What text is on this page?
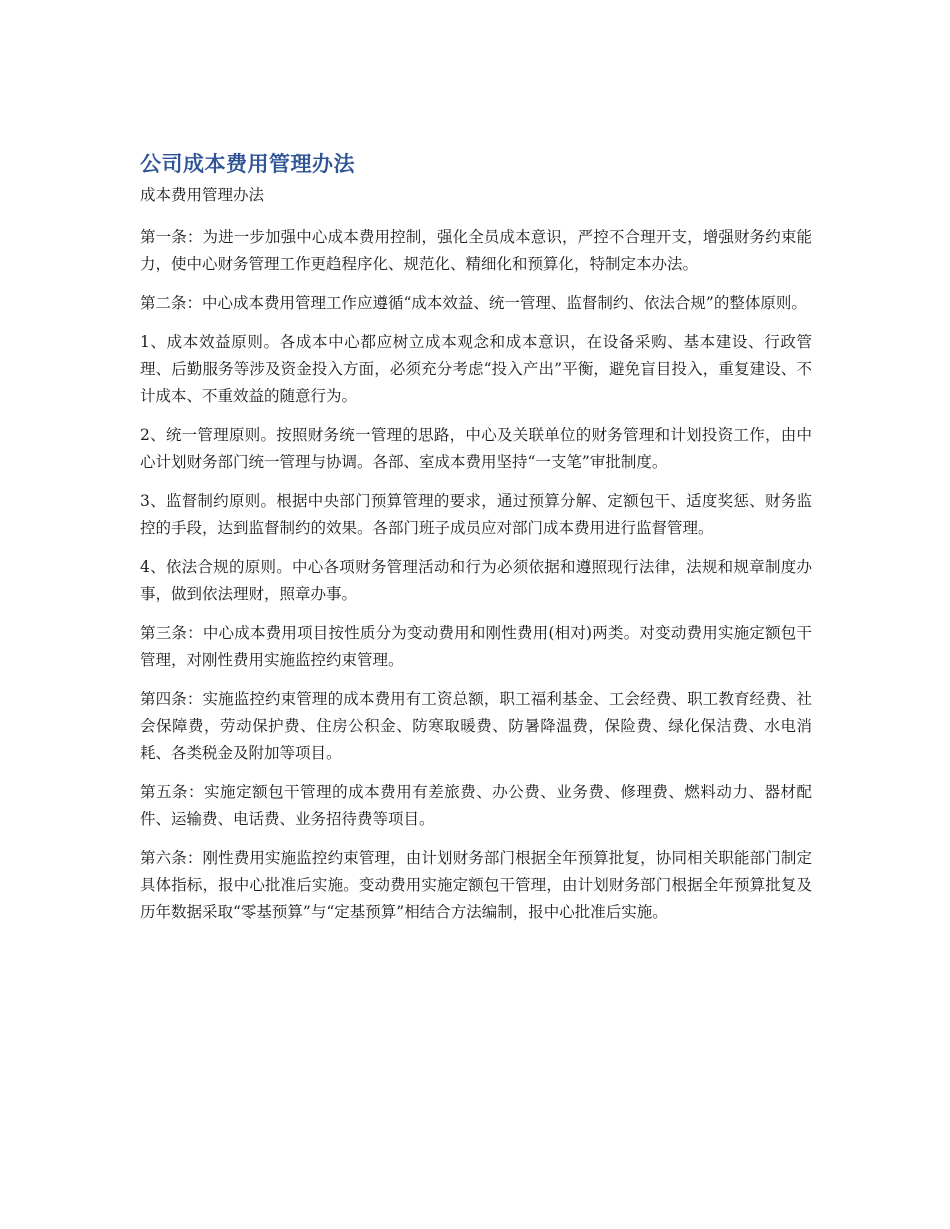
公司成本费用管理办法
成本费用管理办法

第一条：为进一步加强中心成本费用控制，强化全员成本意识，严控不合理开支，增强财务约束能力，使中心财务管理工作更趋程序化、规范化、精细化和预算化，特制定本办法。

第二条：中心成本费用管理工作应遵循“成本效益、统一管理、监督制约、依法合规”的整体原则。

1、成本效益原则。各成本中心都应树立成本观念和成本意识，在设备采购、基本建设、行政管理、后勤服务等涉及资金投入方面，必须充分考虑“投入产出”平衡，避免盲目投入，重复建设、不计成本、不重效益的随意行为。

2、统一管理原则。按照财务统一管理的思路，中心及关联单位的财务管理和计划投资工作，由中心计划财务部门统一管理与协调。各部、室成本费用坚持“一支笔”审批制度。

3、监督制约原则。根据中央部门预算管理的要求，通过预算分解、定额包干、适度奖惩、财务监控的手段，达到监督制约的效果。各部门班子成员应对部门成本费用进行监督管理。

4、依法合规的原则。中心各项财务管理活动和行为必须依据和遵照现行法律，法规和规章制度办事，做到依法理财，照章办事。

第三条：中心成本费用项目按性质分为变动费用和刚性费用(相对)两类。对变动费用实施定额包干管理，对刚性费用实施监控约束管理。

第四条：实施监控约束管理的成本费用有工资总额，职工福利基金、工会经费、职工教育经费、社会保障费，劳动保护费、住房公积金、防寒取暖费、防暑降温费，保险费、绿化保洁费、水电消耗、各类税金及附加等项目。

第五条：实施定额包干管理的成本费用有差旅费、办公费、业务费、修理费、燃料动力、器材配件、运输费、电话费、业务招待费等项目。

第六条：刚性费用实施监控约束管理，由计划财务部门根据全年预算批复，协同相关职能部门制定具体指标，报中心批准后实施。变动费用实施定额包干管理，由计划财务部门根据全年预算批复及历年数据采取“零基预算”与“定基预算”相结合方法编制，报中心批准后实施。
